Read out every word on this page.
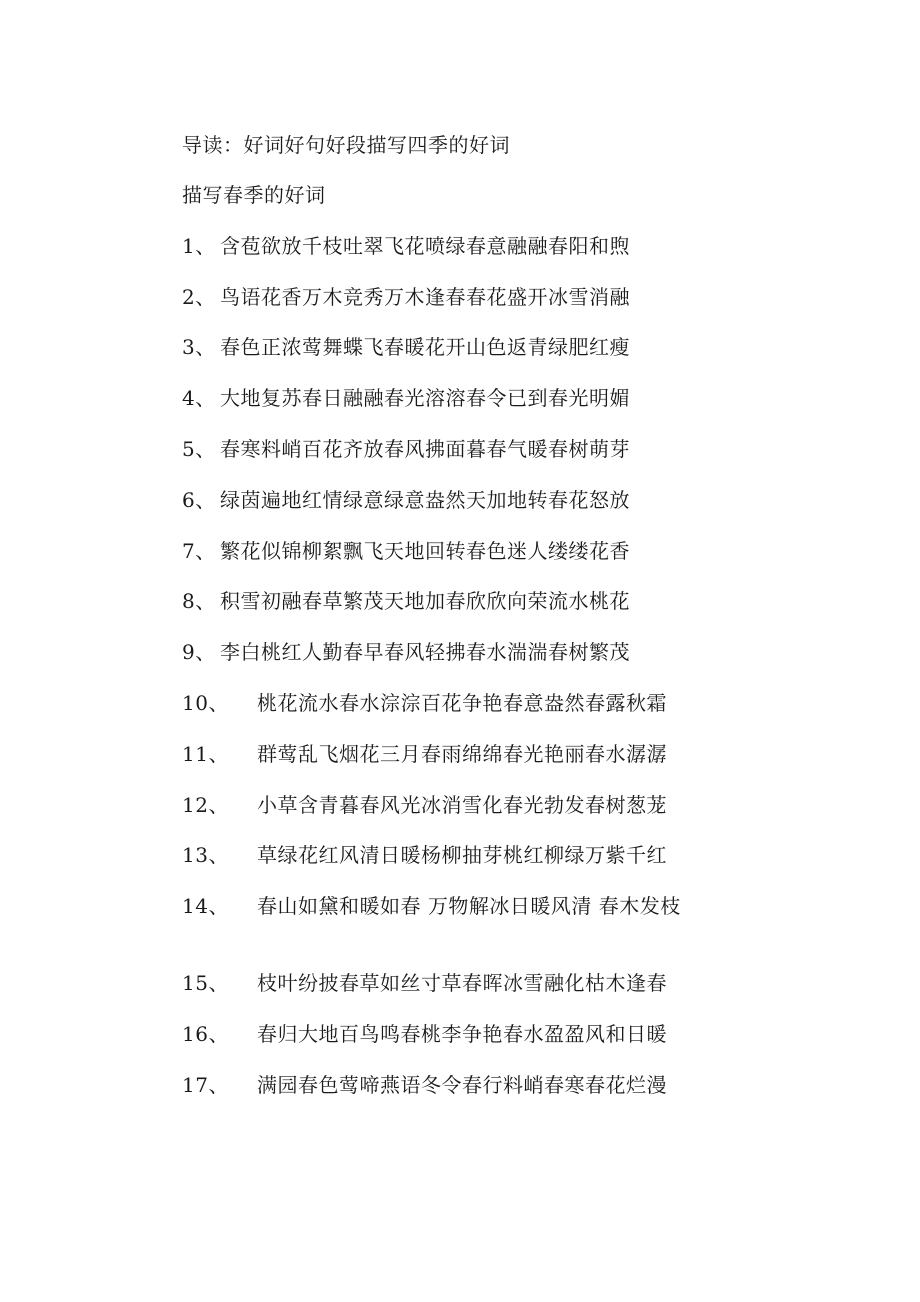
导读：好词好句好段描写四季的好词
描写春季的好词
1、 含苞欲放千枝吐翠飞花喷绿春意融融春阳和煦
2、 鸟语花香万木竞秀万木逢春春花盛开冰雪消融
3、 春色正浓莺舞蝶飞春暖花开山色返青绿肥红瘦
4、 大地复苏春日融融春光溶溶春令已到春光明媚
5、 春寒料峭百花齐放春风拂面暮春气暖春树萌芽
6、 绿茵遍地红情绿意绿意盎然天加地转春花怒放
7、 繁花似锦柳絮飘飞天地回转春色迷人缕缕花香
8、 积雪初融春草繁茂天地加春欣欣向荣流水桃花
9、 李白桃红人勤春早春风轻拂春水湍湍春树繁茂
10、 桃花流水春水淙淙百花争艳春意盎然春露秋霜
11、 群莺乱飞烟花三月春雨绵绵春光艳丽春水潺潺
12、 小草含青暮春风光冰消雪化春光勃发春树葱茏
13、 草绿花红风清日暖杨柳抽芽桃红柳绿万紫千红
14、 春山如黛和暖如春 万物解冰日暖风清 春木发枝
15、 枝叶纷披春草如丝寸草春晖冰雪融化枯木逢春
16、 春归大地百鸟鸣春桃李争艳春水盈盈风和日暖
17、 满园春色莺啼燕语冬令春行料峭春寒春花烂漫
